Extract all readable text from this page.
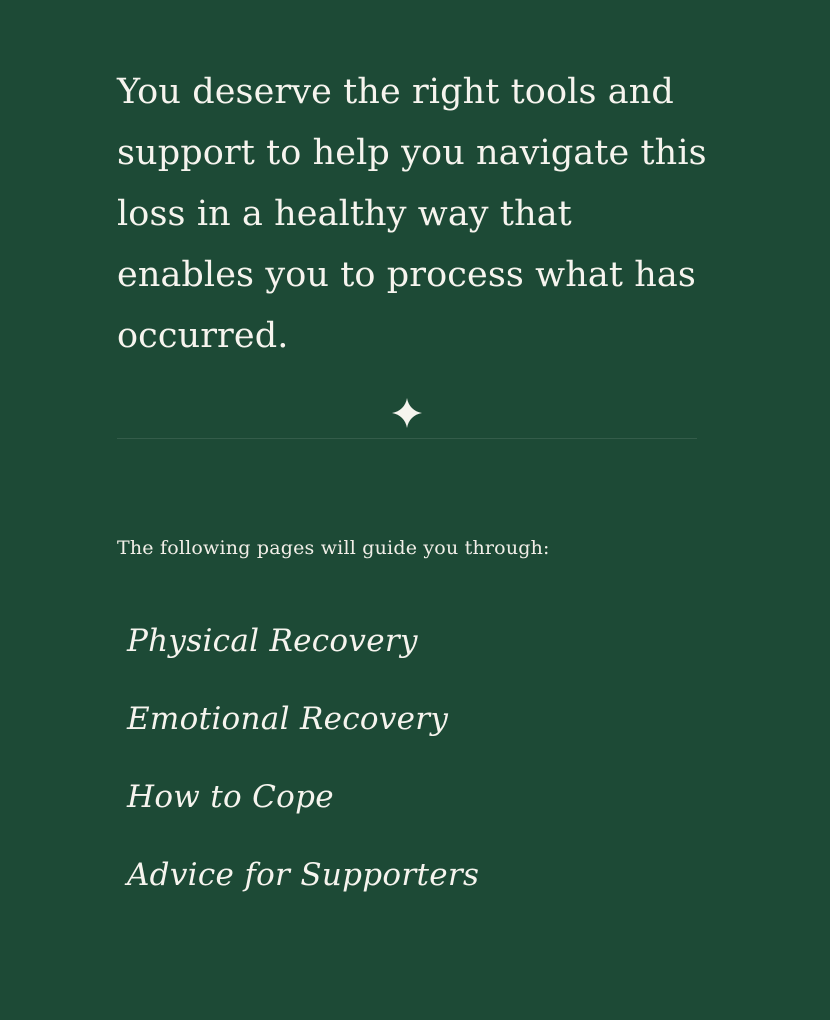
You deserve the right tools and support to help you navigate this loss in a healthy way that enables you to process what has occurred.

The following pages will guide you through:
Physical Recovery
Emotional Recovery
How to Cope
Advice for Supporters
